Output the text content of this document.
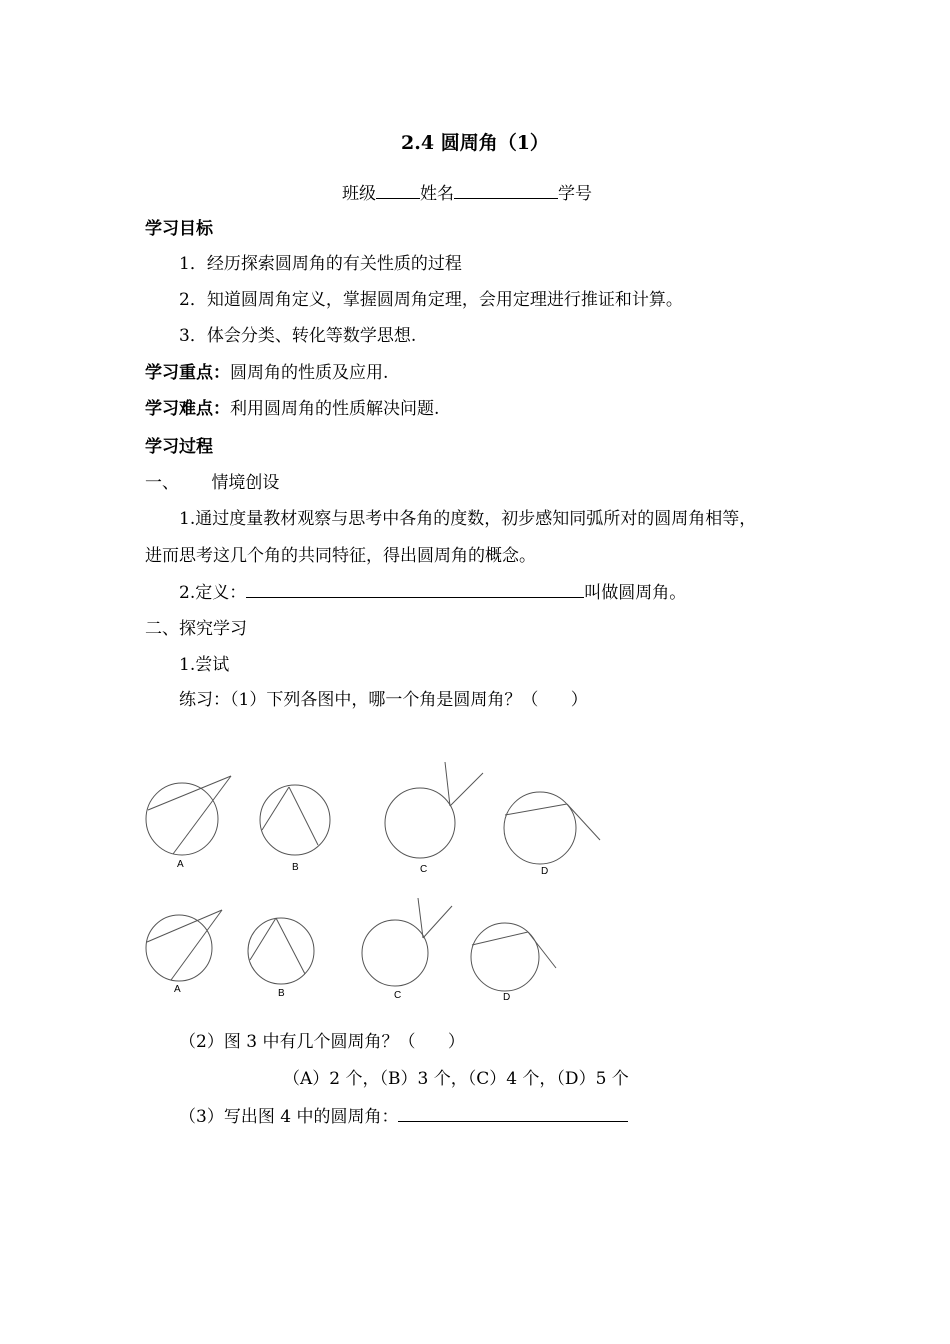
2.4 圆周角（1）
班级	姓名	学号
学习目标
1．经历探索圆周角的有关性质的过程
2．知道圆周角定义，掌握圆周角定理，会用定理进行推证和计算。
3．体会分类、转化等数学思想.
学习重点：圆周角的性质及应用.
学习难点：利用圆周角的性质解决问题.
学习过程
一、      情境创设
1.通过度量教材观察与思考中各角的度数，初步感知同弧所对的圆周角相等，
进而思考这几个角的共同特征，得出圆周角的概念。
2.定义：	叫做圆周角。
二、探究学习
1.尝试
练习：（1）下列各图中，哪一个角是圆周角？（      ）
A	B	C	D
A	B	C	D
（2）图 3 中有几个圆周角？（      ）
（A）2 个，（B）3 个，（C）4 个，（D）5 个
（3）写出图 4 中的圆周角：
